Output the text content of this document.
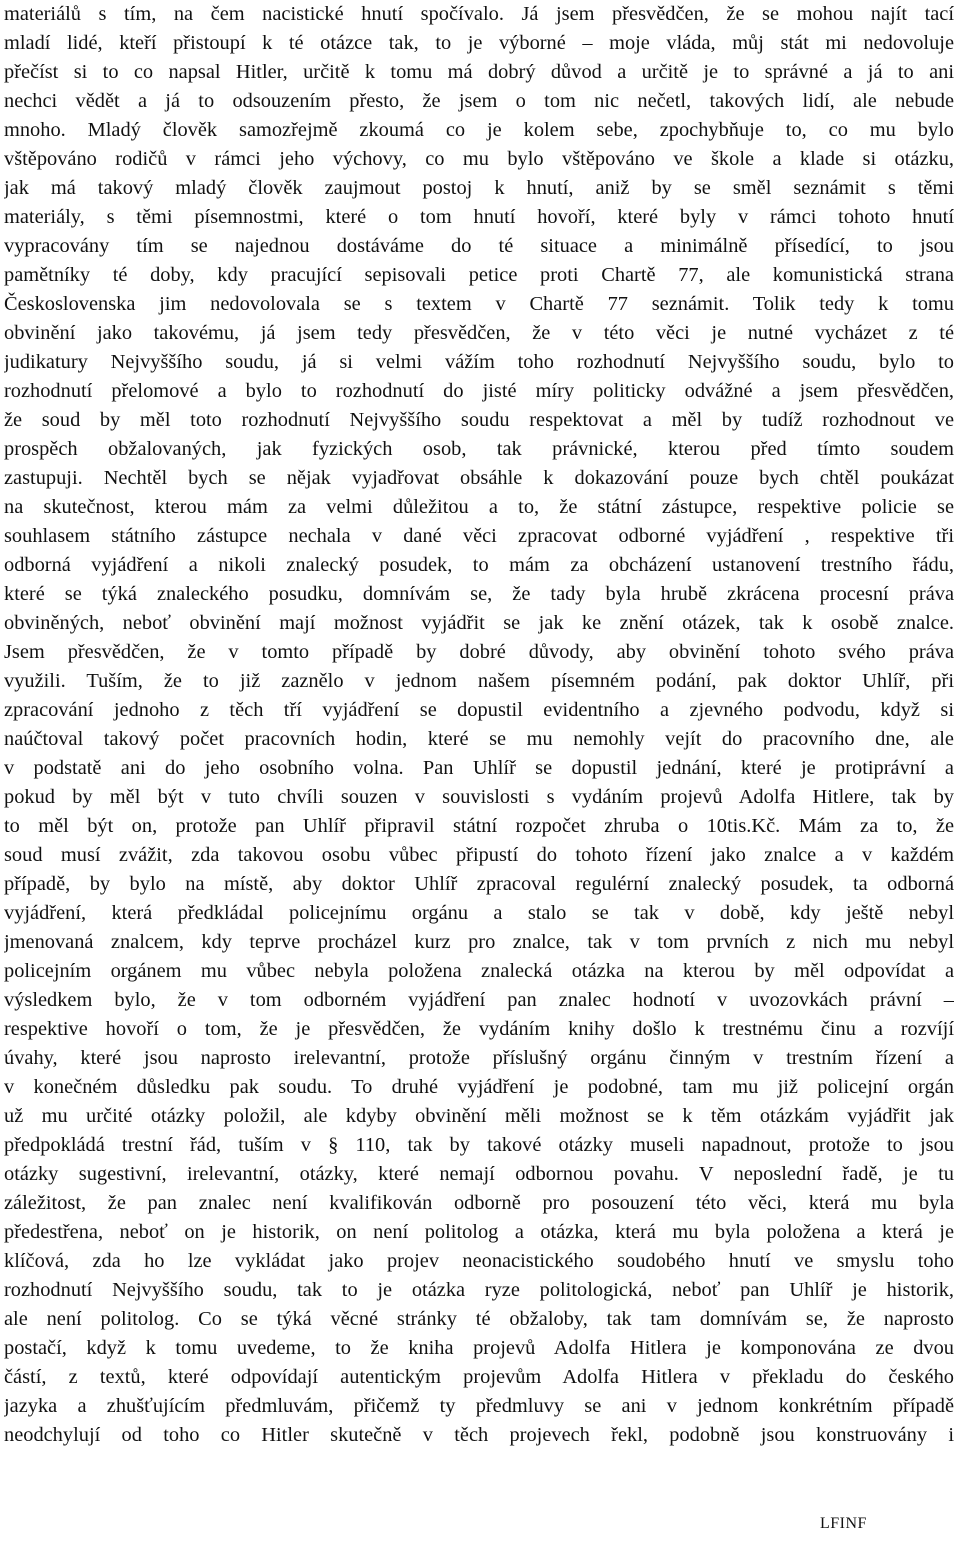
materiálů s tím, na čem nacistické hnutí spočívalo. Já jsem přesvědčen, že se mohou najít tací
mladí lidé, kteří přistoupí k té otázce tak, to je výborné – moje vláda, můj stát mi nedovoluje
přečíst si to co napsal Hitler, určitě k tomu má dobrý důvod a určitě je to správné a já to ani
nechci vědět a já to odsouzením přesto, že jsem o tom nic nečetl, takových lidí, ale nebude
mnoho. Mladý člověk samozřejmě zkoumá co je kolem sebe, zpochybňuje to, co mu bylo
vštěpováno rodičů v rámci jeho výchovy, co mu bylo vštěpováno ve škole a klade si otázku,
jak má takový mladý člověk zaujmout postoj k hnutí, aniž by se směl seznámit s těmi
materiály, s těmi písemnostmi, které o tom hnutí hovoří, které byly v rámci tohoto hnutí
vypracovány tím se najednou dostáváme do té situace a minimálně přísedící, to jsou
pamětníky té doby, kdy pracující sepisovali petice proti Chartě 77, ale komunistická strana
Československa jim nedovolovala se s textem v Chartě 77 seznámit. Tolik tedy k tomu
obvinění jako takovému, já jsem tedy přesvědčen, že v této věci je nutné vycházet z té
judikatury Nejvyššího soudu, já si velmi vážím toho rozhodnutí Nejvyššího soudu, bylo to
rozhodnutí přelomové a bylo to rozhodnutí do jisté míry politicky odvážné a jsem přesvědčen,
že soud by měl toto rozhodnutí Nejvyššího soudu respektovat a měl by tudíž rozhodnout ve
prospěch obžalovaných, jak fyzických osob, tak právnické, kterou před tímto soudem
zastupuji. Nechtěl bych se nějak vyjadřovat obsáhle k dokazování pouze bych chtěl poukázat
na skutečnost, kterou mám za velmi důležitou a to, že státní zástupce, respektive policie se
souhlasem státního zástupce nechala v dané věci zpracovat odborné vyjádření , respektive tři
odborná vyjádření a nikoli znalecký posudek, to mám za obcházení ustanovení trestního řádu,
které se týká znaleckého posudku, domnívám se, že tady byla hrubě zkrácena procesní práva
obviněných, neboť obvinění mají možnost vyjádřit se jak ke znění otázek, tak k osobě znalce.
Jsem přesvědčen, že v tomto případě by dobré důvody, aby obvinění tohoto svého práva
využili. Tuším, že to již zaznělo v jednom našem písemném podání, pak doktor Uhlíř, při
zpracování jednoho z těch tří vyjádření se dopustil evidentního a zjevného podvodu, když si
naúčtoval takový počet pracovních hodin, které se mu nemohly vejít do pracovního dne, ale
v podstatě ani do jeho osobního volna. Pan Uhlíř se dopustil jednání, které je protiprávní a
pokud by měl být v tuto chvíli souzen v souvislosti s vydáním projevů Adolfa Hitlere, tak by
to měl být on, protože pan Uhlíř připravil státní rozpočet zhruba o 10tis.Kč. Mám za to, že
soud musí zvážit, zda takovou osobu vůbec připustí do tohoto řízení jako znalce a v každém
případě, by bylo na místě, aby doktor Uhlíř zpracoval regulérní znalecký posudek, ta odborná
vyjádření, která předkládal policejnímu orgánu a stalo se tak v době, kdy ještě nebyl
jmenovaná znalcem, kdy teprve procházel kurz pro znalce, tak v tom prvních z nich mu nebyl
policejním orgánem mu vůbec nebyla položena znalecká otázka na kterou by měl odpovídat a
výsledkem bylo, že v tom odborném vyjádření pan znalec hodnotí v uvozovkách právní –
respektive hovoří o tom, že je přesvědčen, že vydáním knihy došlo k trestnému činu a rozvíjí
úvahy, které jsou naprosto irelevantní, protože příslušný orgánu činným v trestním řízení a
v konečném důsledku pak soudu. To druhé vyjádření je podobné, tam mu již policejní orgán
už mu určité otázky položil, ale kdyby obvinění měli možnost se k těm otázkám vyjádřit jak
předpokládá trestní řád, tuším v § 110, tak by takové otázky museli napadnout, protože to jsou
otázky sugestivní, irelevantní, otázky, které nemají odbornou povahu. V neposlední řadě, je tu
záležitost, že pan znalec není kvalifikován odborně pro posouzení této věci, která mu byla
předestřena, neboť on je historik, on není politolog a otázka, která mu byla položena a která je
klíčová, zda ho lze vykládat jako projev neonacistického soudobého hnutí ve smyslu toho
rozhodnutí Nejvyššího soudu, tak to je otázka ryze politologická, neboť pan Uhlíř je historik,
ale není politolog. Co se týká věcné stránky té obžaloby, tak tam domnívám se, že naprosto
postačí, když k tomu uvedeme, to že kniha projevů Adolfa Hitlera je komponována ze dvou
částí, z textů, které odpovídají autentickým projevům Adolfa Hitlera v překladu do českého
jazyka a zhušťujícím předmluvám, přičemž ty předmluvy se ani v jednom konkrétním případě
neodchylují od toho co Hitler skutečně v těch projevech řekl, podobně jsou konstruovány i
LFINF
